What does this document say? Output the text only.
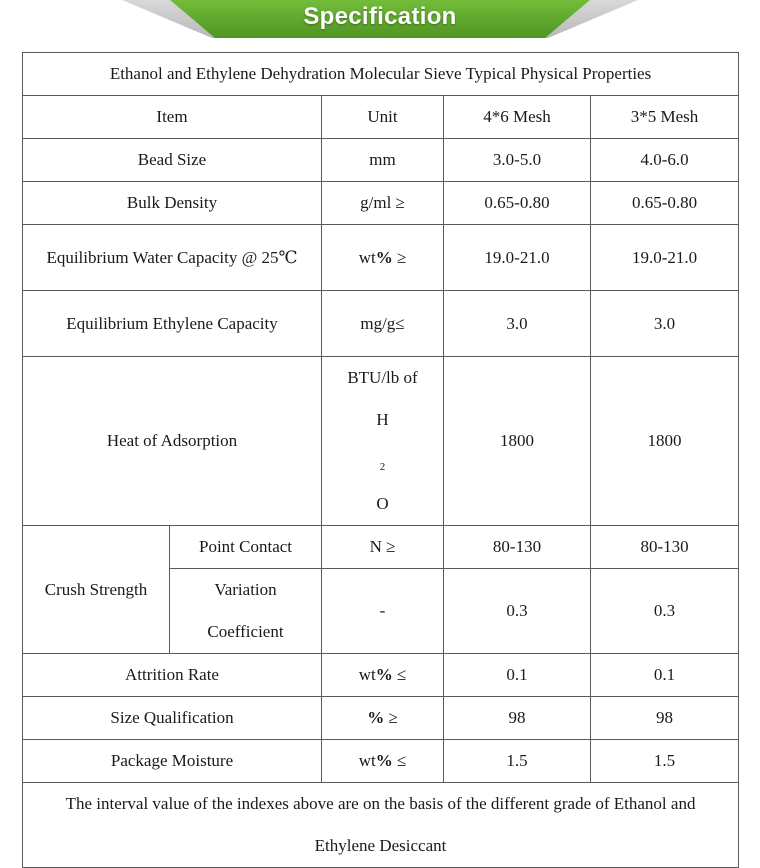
Specification
Ethanol and Ethylene Dehydration Molecular Sieve Typical Physical Properties				
Item		Unit	4*6 Mesh	3*5 Mesh
Bead Size		mm	3.0-5.0	4.0-6.0
Bulk Density		g/ml ≥	0.65-0.80	0.65-0.80
Equilibrium Water Capacity @ 25℃		wt% ≥	19.0-21.0	19.0-21.0
Equilibrium Ethylene Capacity		mg/g≤	3.0	3.0
Heat of Adsorption		BTU/lb of
H
$_2$
O	1800	1800
Crush Strength	Point Contact	N ≥	80-130	80-130

	Variation
Coefficient	-	0.3	0.3
Attrition Rate		wt% ≤	0.1	0.1
Size Qualification		% ≥	98	98
Package Moisture		wt% ≤	1.5	1.5

The interval value of the indexes above are on the basis of the different grade of Ethanol and
Ethylene Desiccant				
